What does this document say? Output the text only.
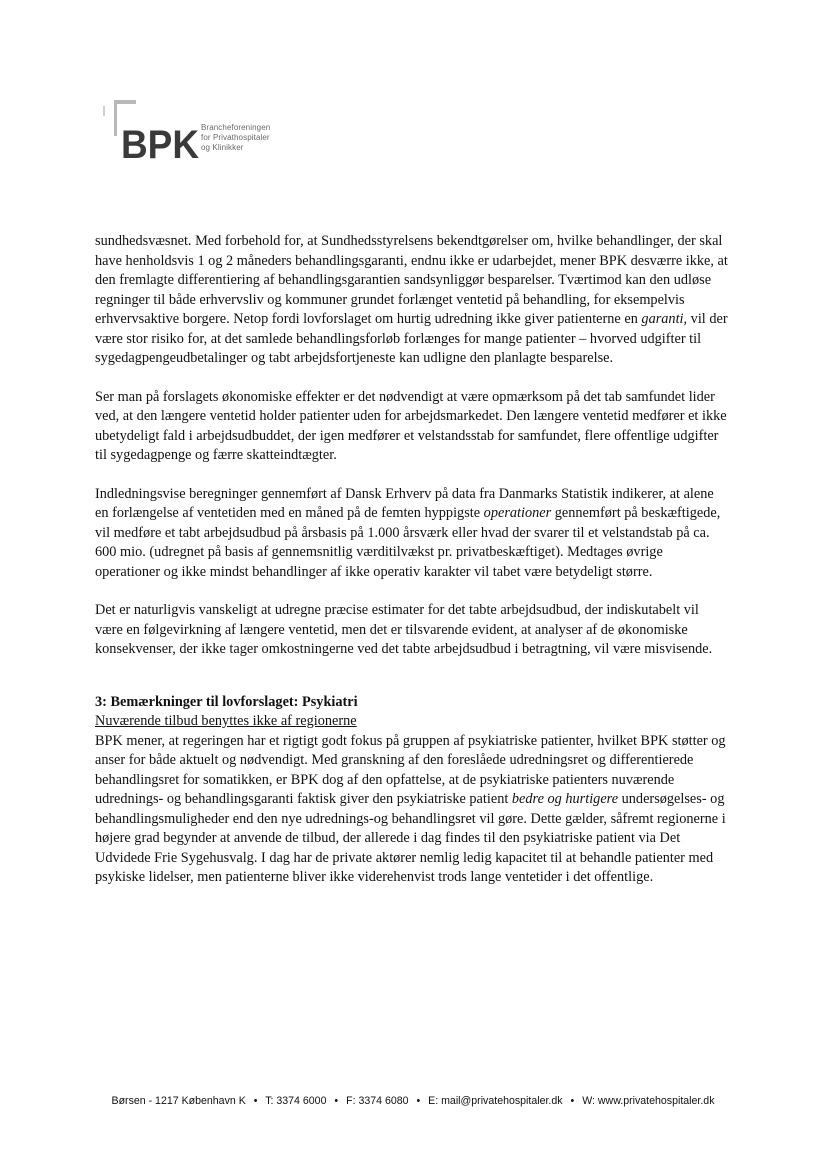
BPK Brancheforeningen
for Privathospitaler
og Klinikker

sundhedsvæsnet. Med forbehold for, at Sundhedsstyrelsens bekendtgørelser om, hvilke behandlinger, der skal have henholdsvis 1 og 2 måneders behandlingsgaranti, endnu ikke er udarbejdet, mener BPK desværre ikke, at den fremlagte differentiering af behandlingsgarantien sandsynliggør besparelser. Tværtimod kan den udløse regninger til både erhvervsliv og kommuner grundet forlænget ventetid på behandling, for eksempelvis erhvervsaktive borgere. Netop fordi lovforslaget om hurtig udredning ikke giver patienterne en garanti, vil der være stor risiko for, at det samlede behandlingsforløb forlænges for mange patienter – hvorved udgifter til sygedagpengeudbetalinger og tabt arbejdsfortjeneste kan udligne den planlagte besparelse.

Ser man på forslagets økonomiske effekter er det nødvendigt at være opmærksom på det tab samfundet lider ved, at den længere ventetid holder patienter uden for arbejdsmarkedet. Den længere ventetid medfører et ikke ubetydeligt fald i arbejdsudbuddet, der igen medfører et velstandsstab for samfundet, flere offentlige udgifter til sygedagpenge og færre skatteindtægter.

Indledningsvise beregninger gennemført af Dansk Erhverv på data fra Danmarks Statistik indikerer, at alene en forlængelse af ventetiden med en måned på de femten hyppigste operationer gennemført på beskæftigede, vil medføre et tabt arbejdsudbud på årsbasis på 1.000 årsværk eller hvad der svarer til et velstandstab på ca. 600 mio. (udregnet på basis af gennemsnitlig værditilvækst pr. privatbeskæftiget). Medtages øvrige operationer og ikke mindst behandlinger af ikke operativ karakter vil tabet være betydeligt større.

Det er naturligvis vanskeligt at udregne præcise estimater for det tabte arbejdsudbud, der indiskutabelt vil være en følgevirkning af længere ventetid, men det er tilsvarende evident, at analyser af de økonomiske konsekvenser, der ikke tager omkostningerne ved det tabte arbejdsudbud i betragtning, vil være misvisende.

3: Bemærkninger til lovforslaget: Psykiatri
Nuværende tilbud benyttes ikke af regionerne

BPK mener, at regeringen har et rigtigt godt fokus på gruppen af psykiatriske patienter, hvilket BPK støtter og anser for både aktuelt og nødvendigt. Med granskning af den foreslåede udredningsret og differentierede behandlingsret for somatikken, er BPK dog af den opfattelse, at de psykiatriske patienters nuværende udrednings- og behandlingsgaranti faktisk giver den psykiatriske patient bedre og hurtigere undersøgelses- og behandlingsmuligheder end den nye udrednings-og behandlingsret vil gøre. Dette gælder, såfremt regionerne i højere grad begynder at anvende de tilbud, der allerede i dag findes til den psykiatriske patient via Det Udvidede Frie Sygehusvalg. I dag har de private aktører nemlig ledig kapacitet til at behandle patienter med psykiske lidelser, men patienterne bliver ikke viderehenvist trods lange ventetider i det offentlige.

Børsen - 1217 København K • T: 3374 6000 • F: 3374 6080 • E: mail@privatehospitaler.dk • W: www.privatehospitaler.dk
